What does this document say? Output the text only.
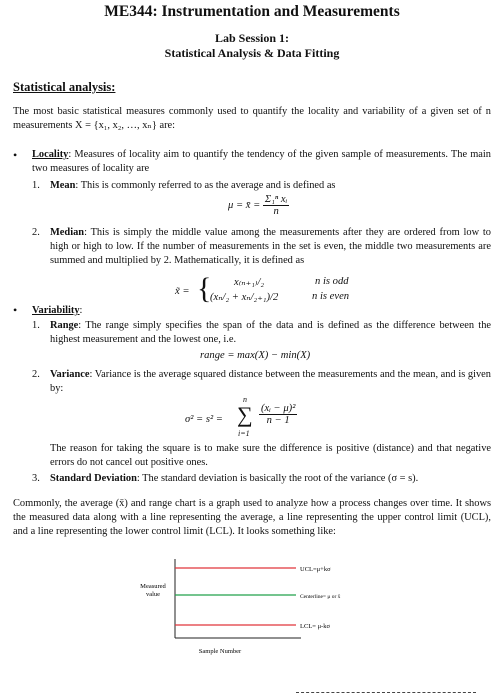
ME344: Instrumentation and Measurements
Lab Session 1:
Statistical Analysis & Data Fitting
Statistical analysis:
The most basic statistical measures commonly used to quantify the locality and variability of a given set of n measurements X = {x₁, x₂, …, xₙ} are:
• Locality: Measures of locality aim to quantify the tendency of the given sample of measurements. The main two measures of locality are
1. Mean: This is commonly referred to as the average and is defined as
μ = x̄ = $\frac{\text{Σ₁ⁿ xᵢ}}{n}$
2. Median: This is simply the middle value among the measurements after they are ordered from low to high or high to low. If the number of measurements in the set is even, the middle two measurements are summed and multiplied by 2. Mathematically, it is defined as
x̃ = { x₍ₙ₊₁₎/₂	n is odd
(xₙ/₂ + xₙ/₂₊₁)/2	n is even
• Variability:
1. Range: The range simply specifies the span of the data and is defined as the difference between the highest measurement and the lowest one, i.e.
range = max(X) − min(X)
2. Variance: Variance is the average squared distance between the measurements and the mean, and is given by:
σ² = s² =
n
∑
i=1
$\frac{\text{(xᵢ − μ)²}}{n - 1}$
The reason for taking the square is to make sure the difference is positive (distance) and that negative errors do not cancel out positive ones.
3. Standard Deviation: The standard deviation is basically the root of the variance (σ = s).
Commonly, the average (x̄) and range chart is a graph used to analyze how a process changes over time. It shows the measured data along with a line representing the average, a line representing the upper control limit (UCL), and a line representing the lower control limit (LCL). It looks something like:
Measured
value
UCL=μ+kσ
Centerline= μ or x̄
LCL= μ-kσ
Sample Number
